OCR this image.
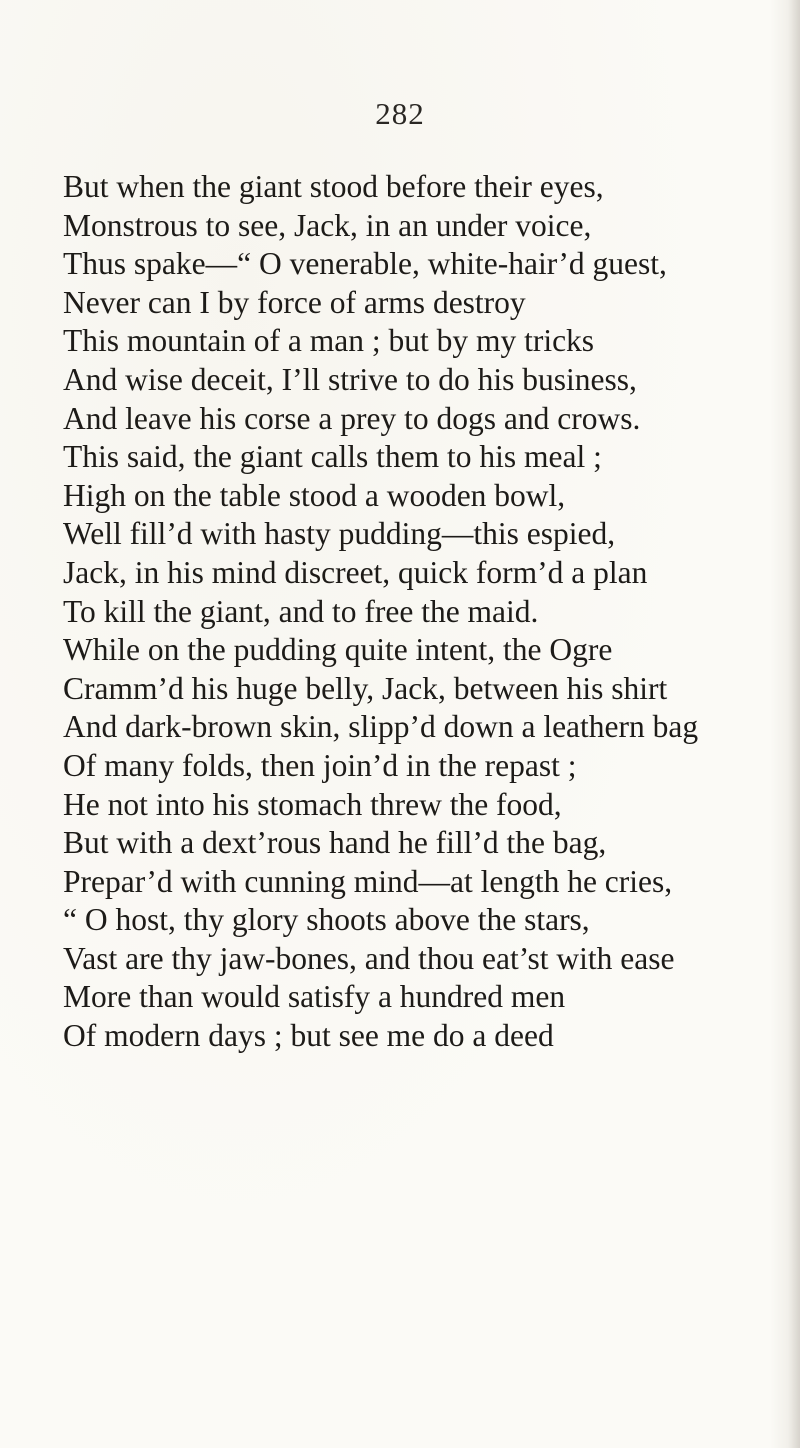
282
But when the giant stood before their eyes,
Monstrous to see, Jack, in an under voice,
Thus spake—“ O venerable, white-hair’d guest,
Never can I by force of arms destroy
This mountain of a man ; but by my tricks
And wise deceit, I’ll strive to do his business,
And leave his corse a prey to dogs and crows.
This said, the giant calls them to his meal ;
High on the table stood a wooden bowl,
Well fill’d with hasty pudding—this espied,
Jack, in his mind discreet, quick form’d a plan
To kill the giant, and to free the maid.
While on the pudding quite intent, the Ogre
Cramm’d his huge belly, Jack, between his shirt
And dark-brown skin, slipp’d down a leathern bag
Of many folds, then join’d in the repast ;
He not into his stomach threw the food,
But with a dext’rous hand he fill’d the bag,
Prepar’d with cunning mind—at length he cries,
“ O host, thy glory shoots above the stars,
Vast are thy jaw-bones, and thou eat’st with ease
More than would satisfy a hundred men
Of modern days ; but see me do a deed
